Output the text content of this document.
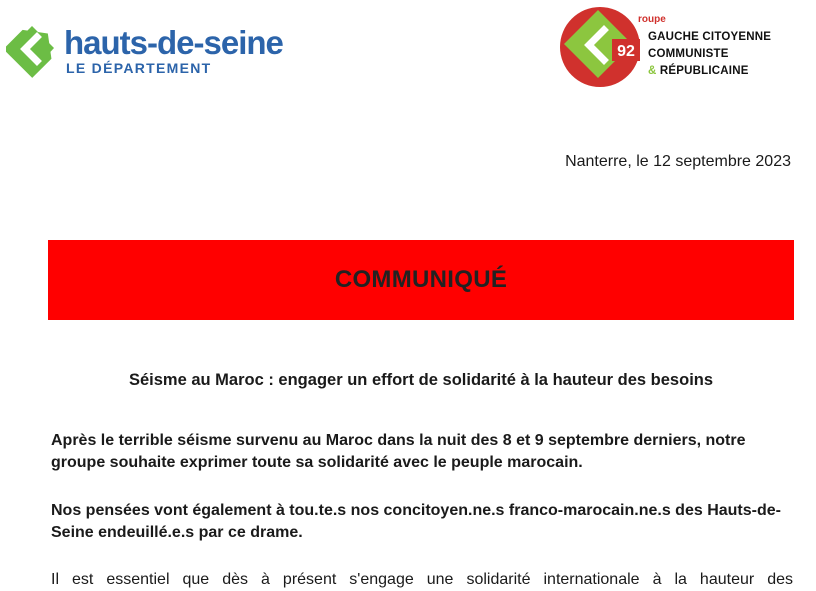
hauts-de-seine
LE DÉPARTEMENT
92
roupe
GAUCHE CITOYENNE
COMMUNISTE
& RÉPUBLICAINE
Nanterre, le 12 septembre 2023
COMMUNIQUÉ
Séisme au Maroc : engager un effort de solidarité à la hauteur des besoins
Après le terrible séisme survenu au Maroc dans la nuit des 8 et 9 septembre derniers, notre groupe souhaite exprimer toute sa solidarité avec le peuple marocain.
Nos pensées vont également à tou.te.s nos concitoyen.ne.s franco-marocain.ne.s des Hauts-de-Seine endeuillé.e.s par ce drame.
Il est essentiel que dès à présent s'engage une solidarité internationale à la hauteur des
